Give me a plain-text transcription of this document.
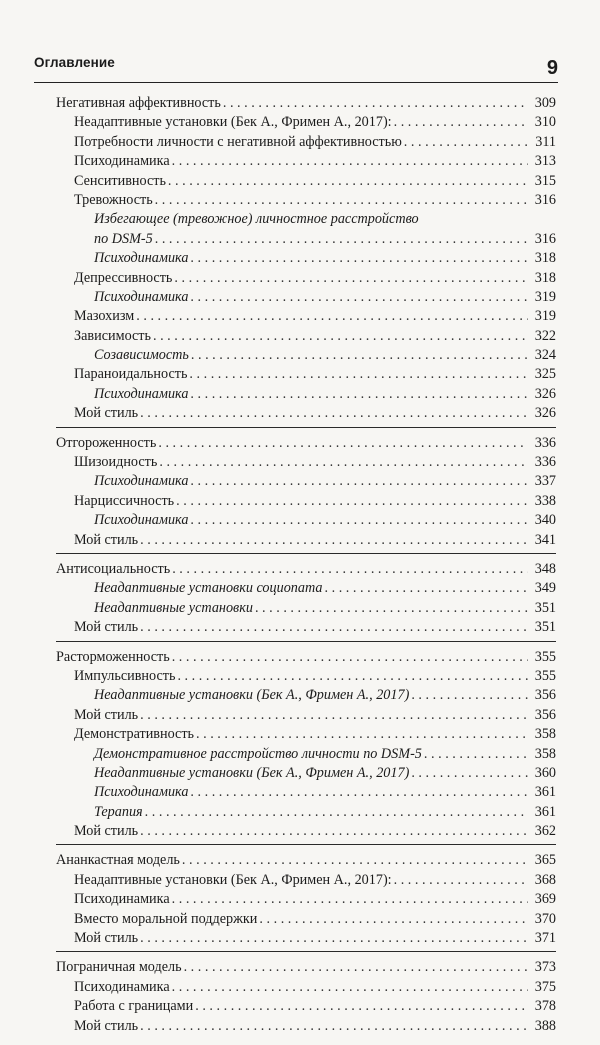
Оглавление	9
Негативная аффективность . . .	309
Неадаптивные установки (Бек А., Фримен А., 2017): . . .	310
Потребности личности с негативной аффективностью . . .	311
Психодинамика . . .	313
Сенситивность . . .	315
Тревожность . . .	316
Избегающее (тревожное) личностное расстройство
по DSM-5 . . .	316
Психодинамика . . .	318
Депрессивность . . .	318
Психодинамика . . .	319
Мазохизм . . .	319
Зависимость . . .	322
Созависимость . . .	324
Параноидальность . . .	325
Психодинамика . . .	326
Мой стиль . . .	326
Отгороженность . . .	336
Шизоидность . . .	336
Психодинамика . . .	337
Нарциссичность . . .	338
Психодинамика . . .	340
Мой стиль . . .	341
Антисоциальность . . .	348
Неадаптивные установки социопата . . .	349
Неадаптивные установки . . .	351
Мой стиль . . .	351
Расторможенность . . .	355
Импульсивность . . .	355
Неадаптивные установки (Бек А., Фримен А., 2017) . . .	356
Мой стиль . . .	356
Демонстративность . . .	358
Демонстративное расстройство личности по DSM-5 . . .	358
Неадаптивные установки (Бек А., Фримен А., 2017) . . .	360
Психодинамика . . .	361
Терапия . . .	361
Мой стиль . . .	362
Ананкастная модель . . .	365
Неадаптивные установки (Бек А., Фримен А., 2017): . . .	368
Психодинамика . . .	369
Вместо моральной поддержки . . .	370
Мой стиль . . .	371
Пограничная модель . . .	373
Психодинамика . . .	375
Работа с границами . . .	378
Мой стиль . . .	388
